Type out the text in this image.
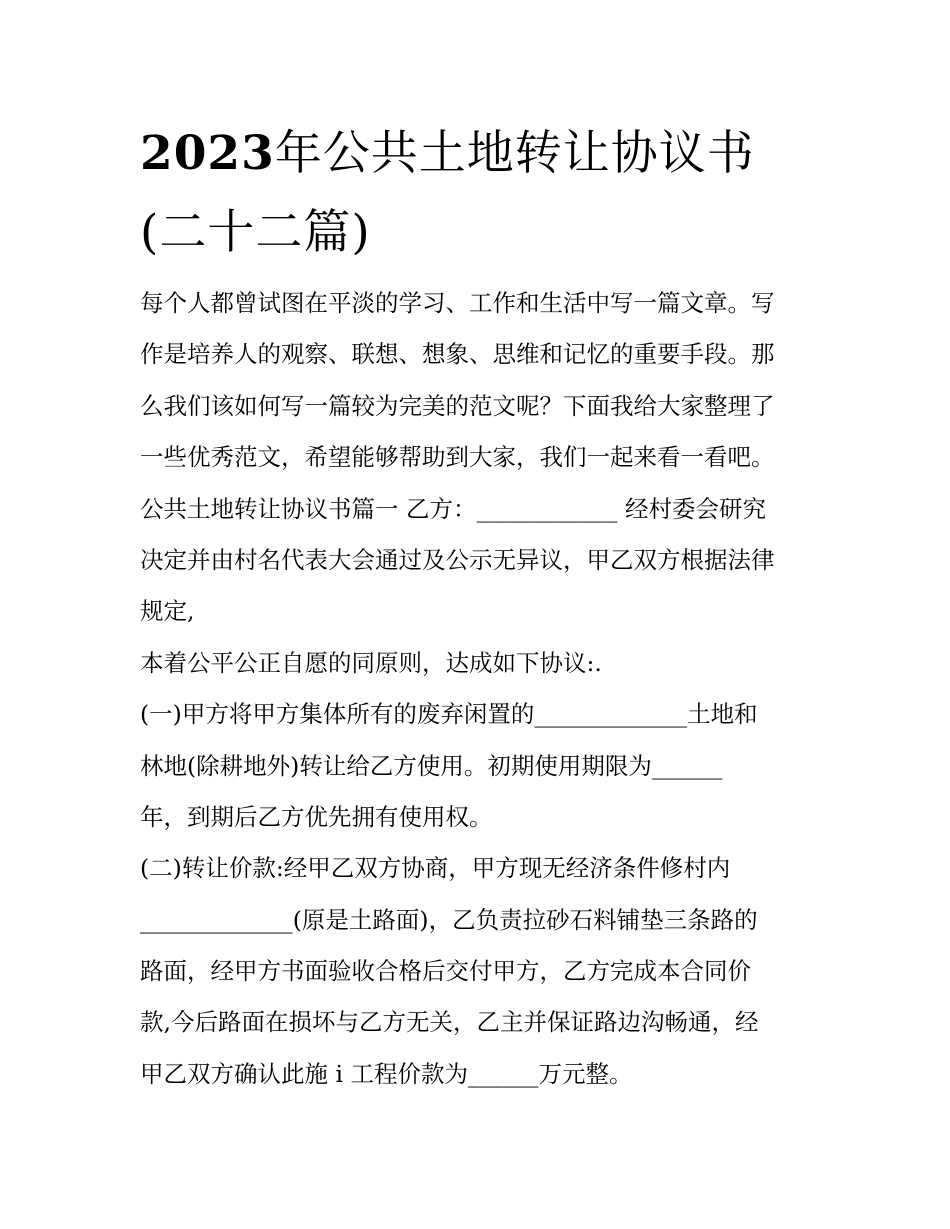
2023年公共土地转让协议书
(二十二篇)
每个人都曾试图在平淡的学习、工作和生活中写一篇文章。写
作是培养人的观察、联想、想象、思维和记忆的重要手段。那
么我们该如何写一篇较为完美的范文呢？下面我给大家整理了
一些优秀范文，希望能够帮助到大家，我们一起来看一看吧。
公共土地转让协议书篇一 乙方：____________ 经村委会研究
决定并由村名代表大会通过及公示无异议，甲乙双方根据法律
规定,
本着公平公正自愿的同原则，达成如下协议:.
(一)甲方将甲方集体所有的废弃闲置的_____________土地和
林地(除耕地外)转让给乙方使用。初期使用期限为______
年，到期后乙方优先拥有使用权。
(二)转让价款:经甲乙双方协商，甲方现无经济条件修村内
_____________(原是土路面)，乙负责拉砂石料铺垫三条路的
路面，经甲方书面验收合格后交付甲方，乙方完成本合同价
款,今后路面在损坏与乙方无关，乙主并保证路边沟畅通，经
甲乙双方确认此施 i 工程价款为______万元整。
